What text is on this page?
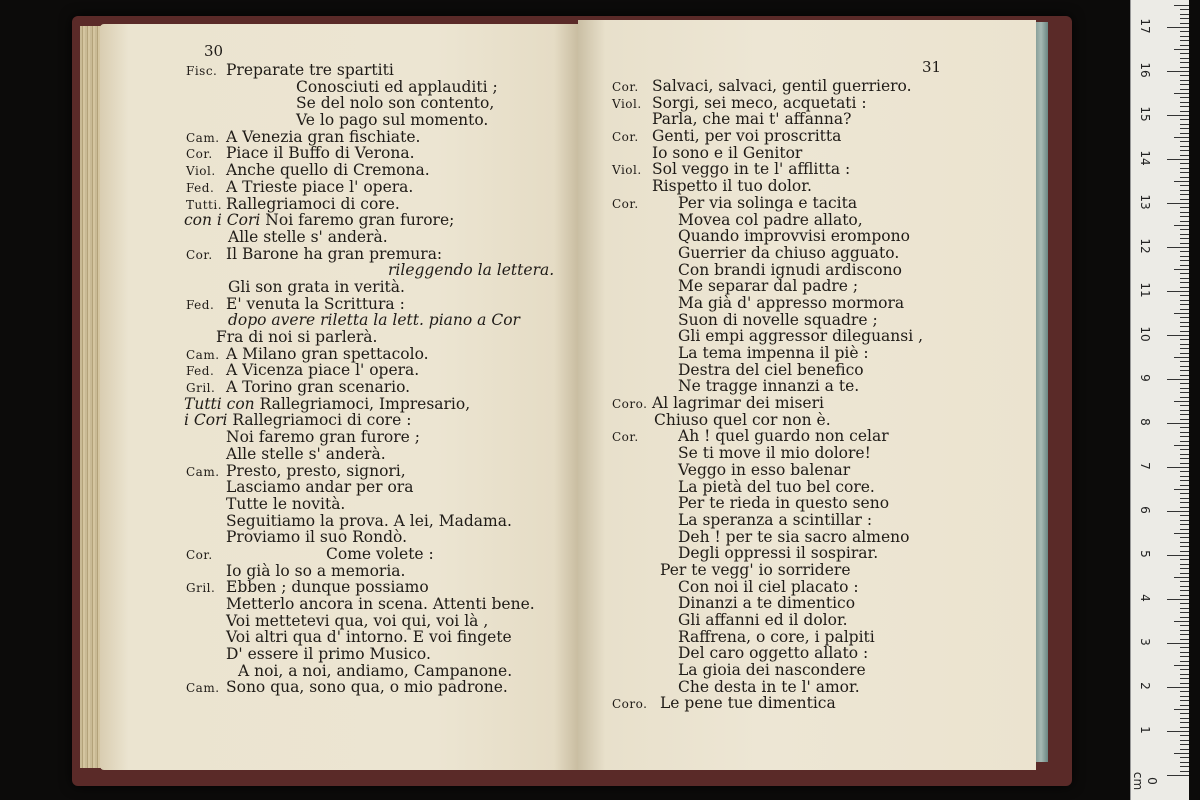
30
Fisc. Preparate tre spartiti
Conosciuti ed applauditi ;
Se del nolo son contento,
Ve lo pago sul momento.
Cam. A Venezia gran fischiate.
Cor. Piace il Buffo di Verona.
Viol. Anche quello di Cremona.
Fed. A Trieste piace l' opera.
Tutti. Rallegriamoci di core.
con i Cori Noi faremo gran furore;
Alle stelle s' anderà.
Cor. Il Barone ha gran premura:
rileggendo la lettera.
Gli son grata in verità.
Fed. E' venuta la Scrittura :
dopo avere riletta la lett. piano a Cor
Fra di noi si parlerà.
Cam. A Milano gran spettacolo.
Fed. A Vicenza piace l' opera.
Gril. A Torino gran scenario.
Tutti con Rallegriamoci, Impresario,
i Cori Rallegriamoci di core :
Noi faremo gran furore ;
Alle stelle s' anderà.
Cam. Presto, presto, signori,
Lasciamo andar per ora
Tutte le novità.
Seguitiamo la prova. A lei, Madama.
Proviamo il suo Rondò.
Cor.	Come volete :
Io già lo so a memoria.
Gril. Ebben ; dunque possiamo
Metterlo ancora in scena. Attenti bene.
Voi mettetevi qua, voi qui, voi là ,
Voi altri qua d' intorno. E voi fingete
D' essere il primo Musico.
A noi, a noi, andiamo, Campanone.
Cam. Sono qua, sono qua, o mio padrone.
31
Cor. Salvaci, salvaci, gentil guerriero.
Viol. Sorgi, sei meco, acquetati :
Parla, che mai t' affanna?
Cor. Genti, per voi proscritta
Io sono e il Genitor
Viol. Sol veggo in te l' afflitta :
Rispetto il tuo dolor.
Cor.	Per via solinga e tacita
Movea col padre allato,
Quando improvvisi erompono
Guerrier da chiuso agguato.
Con brandi ignudi ardiscono
Me separar dal padre ;
Ma già d' appresso mormora
Suon di novelle squadre ;
Gli empi aggressor dileguansi ,
La tema impenna il piè :
Destra del ciel benefico
Ne tragge innanzi a te.
Coro. Al lagrimar dei miseri
Chiuso quel cor non è.
Cor.	Ah ! quel guardo non celar
Se ti move il mio dolore!
Veggo in esso balenar
La pietà del tuo bel core.
Per te rieda in questo seno
La speranza a scintillar :
Deh ! per te sia sacro almeno
Degli oppressi il sospirar.
Per te vegg' io sorridere
Con noi il ciel placato :
Dinanzi a te dimentico
Gli affanni ed il dolor.
Raffrena, o core, i palpiti
Del caro oggetto allato :
La gioia dei nascondere
Che desta in te l' amor.
Coro. Le pene tue dimentica
0 cm
1
2
3
4
5
6
7
8
9
10
11
12
13
14
15
16
17
